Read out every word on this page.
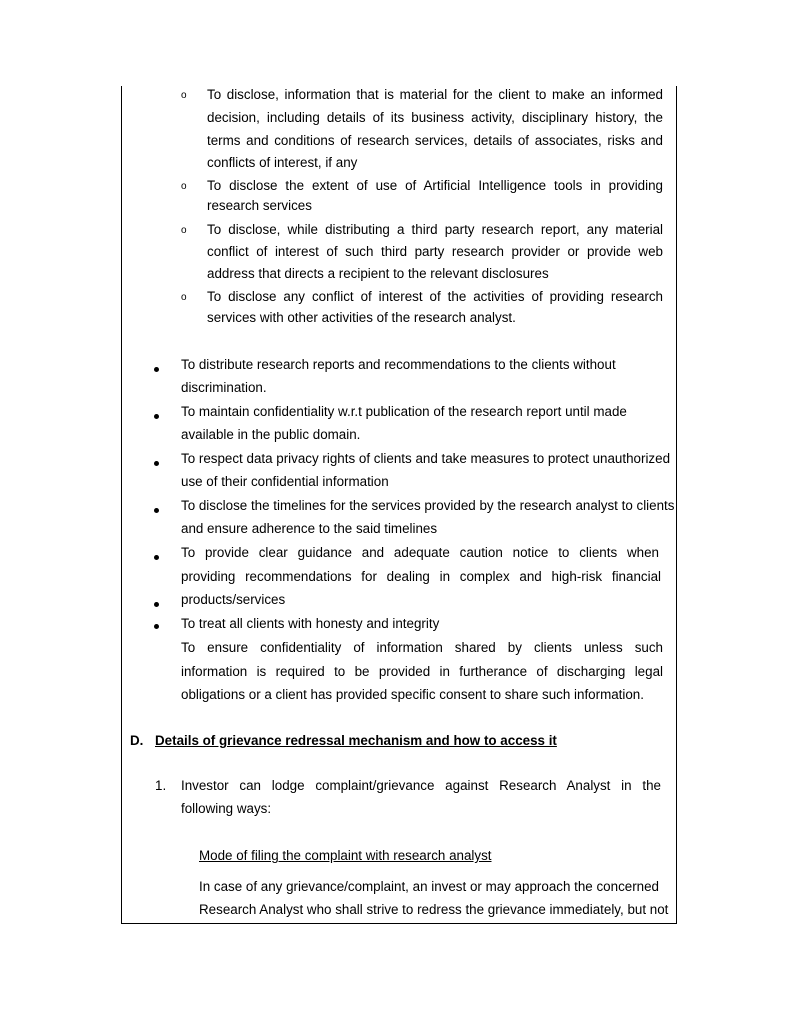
o To disclose, information that is material for the client to make an informed
decision, including details of its business activity, disciplinary history, the
terms and conditions of research services, details of associates, risks and
conflicts of interest, if any
o To disclose the extent of use of Artificial Intelligence tools in providing
research services
o To disclose, while distributing a third party research report, any material
conflict of interest of such third party research provider or provide web
address that directs a recipient to the relevant disclosures
o To disclose any conflict of interest of the activities of providing research
services with other activities of the research analyst.
To distribute research reports and recommendations to the clients without
discrimination.
To maintain confidentiality w.r.t publication of the research report until made
available in the public domain.
To respect data privacy rights of clients and take measures to protect unauthorized
use of their confidential information
To disclose the timelines for the services provided by the research analyst to clients
and ensure adherence to the said timelines
To provide clear guidance and adequate caution notice to clients when
providing recommendations for dealing in complex and high-risk financial
products/services
To treat all clients with honesty and integrity
To ensure confidentiality of information shared by clients unless such
information is required to be provided in furtherance of discharging legal
obligations or a client has provided specific consent to share such information.
D. Details of grievance redressal mechanism and how to access it
1. Investor can lodge complaint/grievance against Research Analyst in the
following ways:
Mode of filing the complaint with research analyst
In case of any grievance/complaint, an invest or may approach the concerned
Research Analyst who shall strive to redress the grievance immediately, but not
